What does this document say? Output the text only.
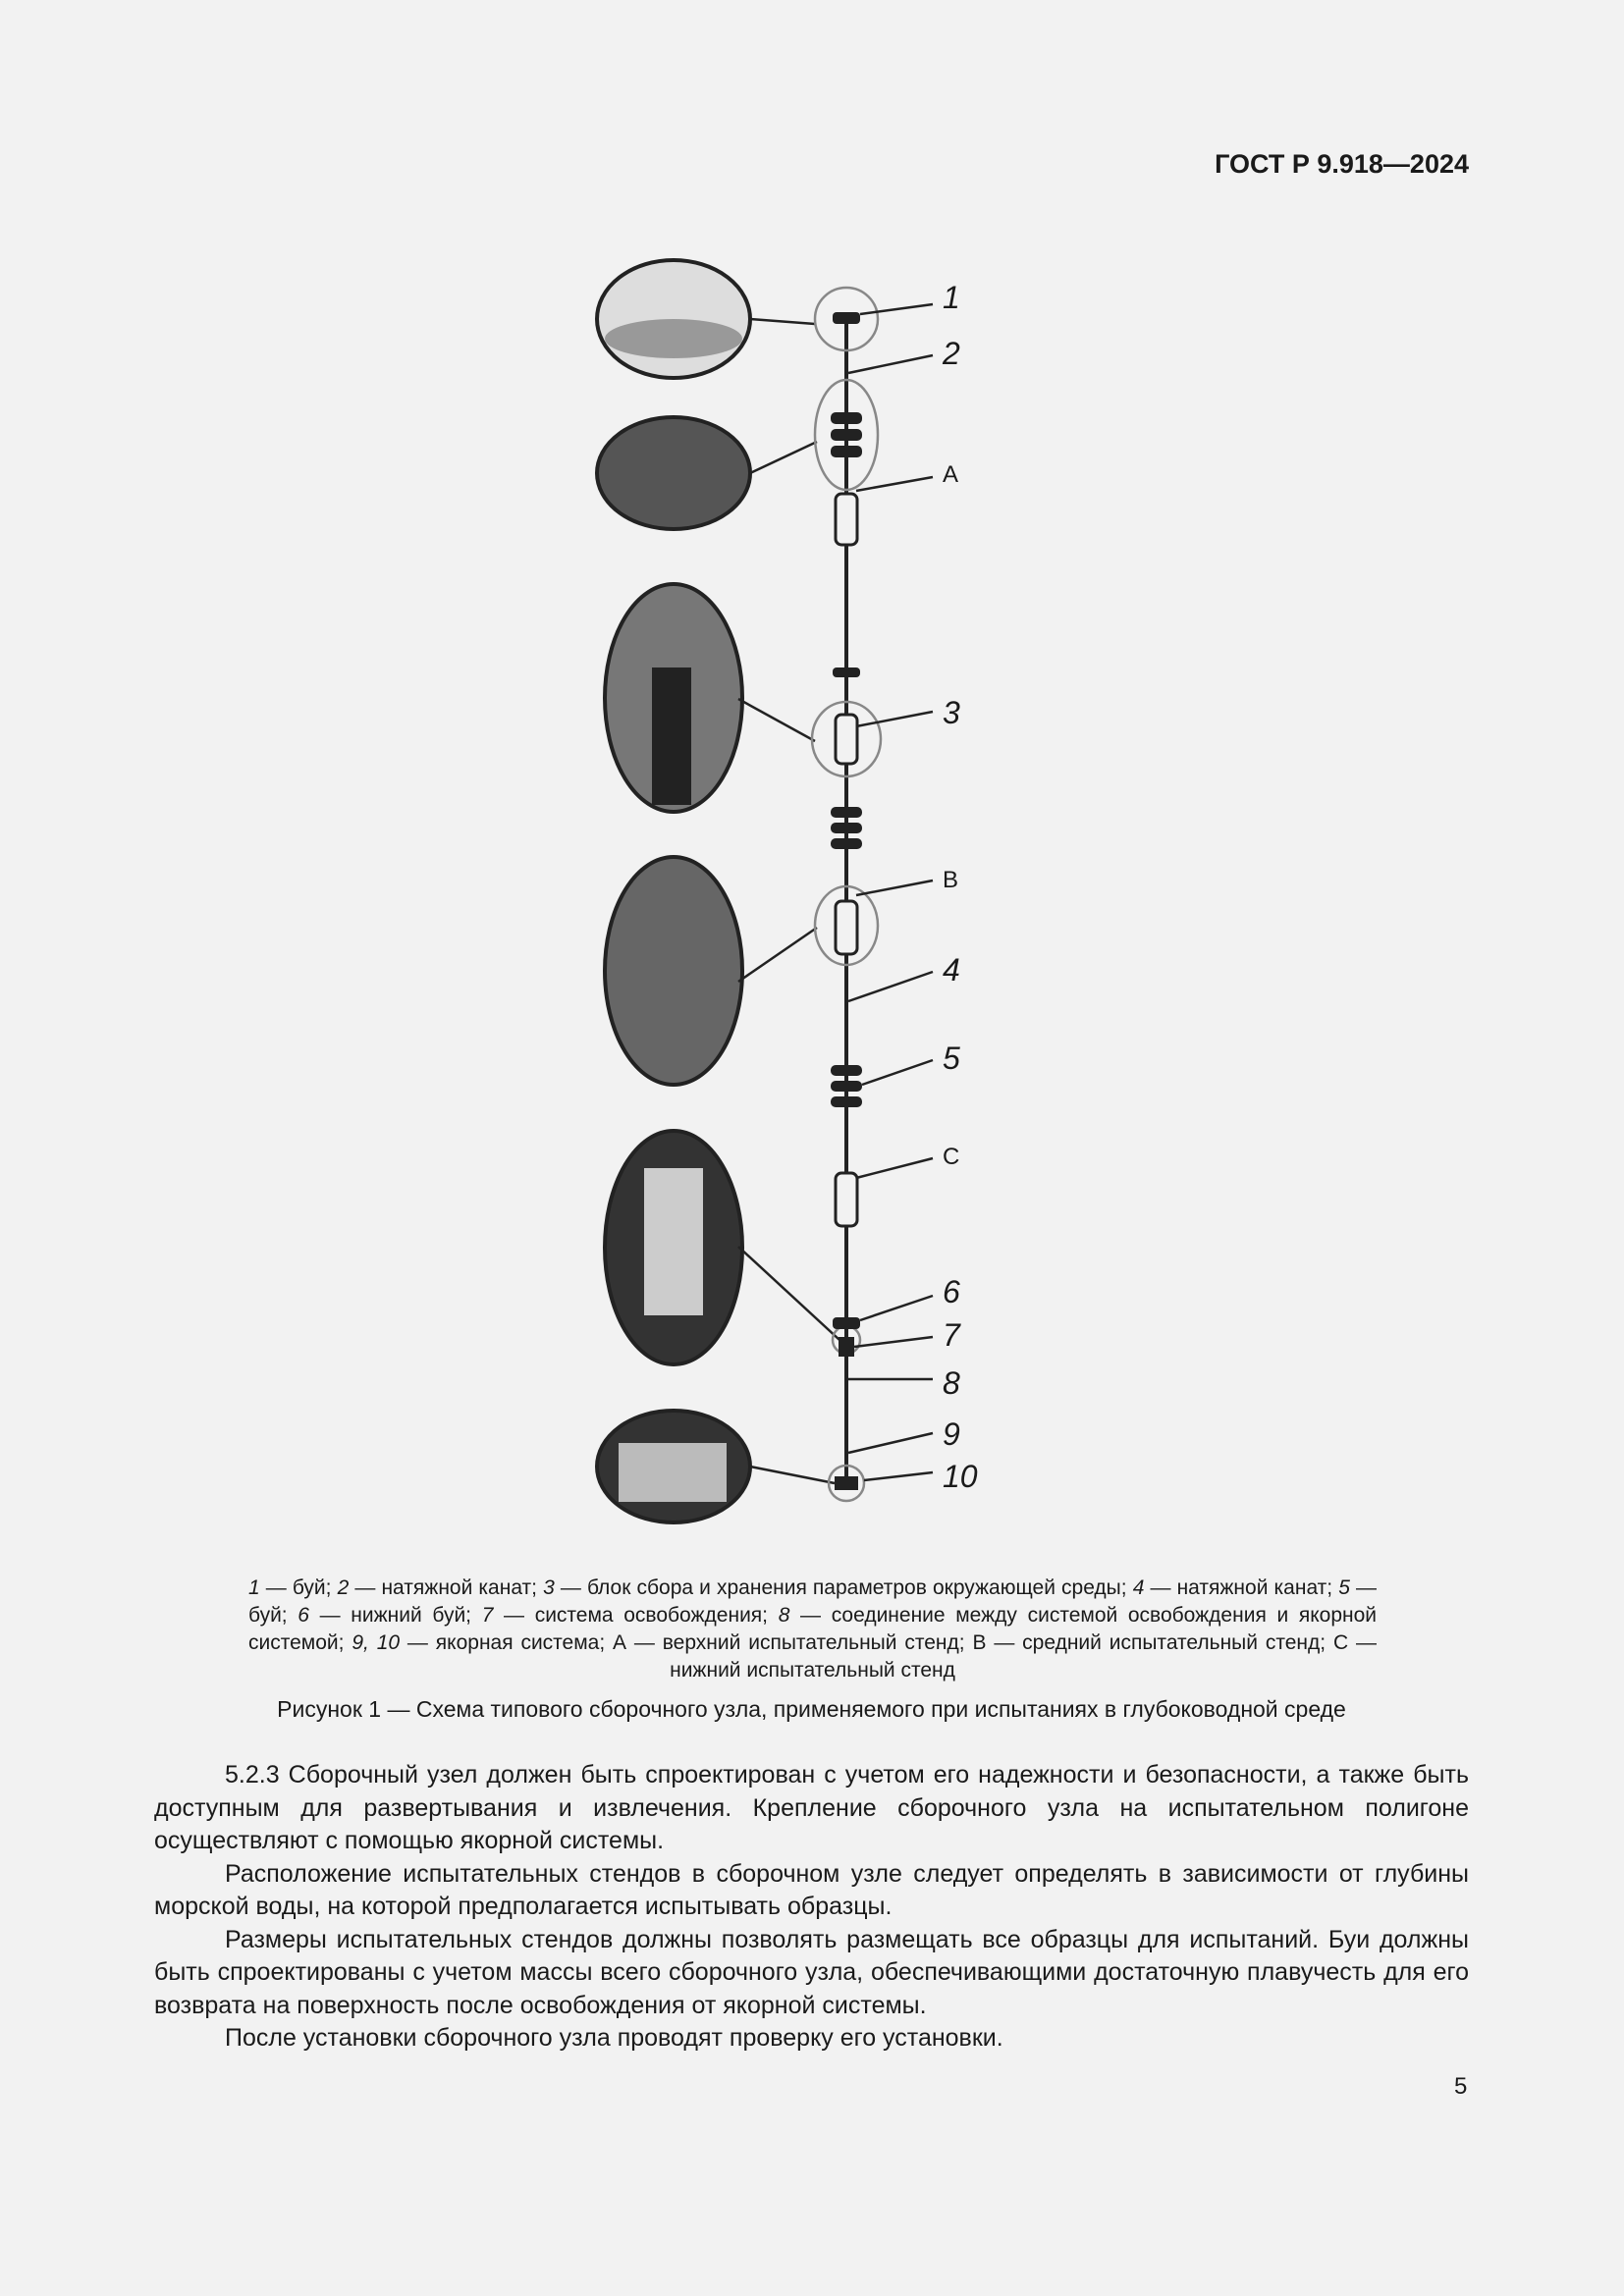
ГОСТ Р 9.918—2024
1
2
A
3
B
4
5
C
6
7
8
9
10
1 — буй; 2 — натяжной канат; 3 — блок сбора и хранения параметров окружающей среды; 4 — натяжной канат; 5 — буй; 6 — нижний буй; 7 — система освобождения; 8 — соединение между системой освобождения и якорной системой; 9, 10 — якорная система; А — верхний испытательный стенд; В — средний испытательный стенд; С — нижний испытательный стенд
Рисунок 1 — Схема типового сборочного узла, применяемого при испытаниях в глубоководной среде

5.2.3 Сборочный узел должен быть спроектирован с учетом его надежности и безопасности, а также быть доступным для развертывания и извлечения. Крепление сборочного узла на испытательном полигоне осуществляют с помощью якорной системы.

Расположение испытательных стендов в сборочном узле следует определять в зависимости от глубины морской воды, на которой предполагается испытывать образцы.

Размеры испытательных стендов должны позволять размещать все образцы для испытаний. Буи должны быть спроектированы с учетом массы всего сборочного узла, обеспечивающими достаточную плавучесть для его возврата на поверхность после освобождения от якорной системы.

После установки сборочного узла проводят проверку его установки.

5
